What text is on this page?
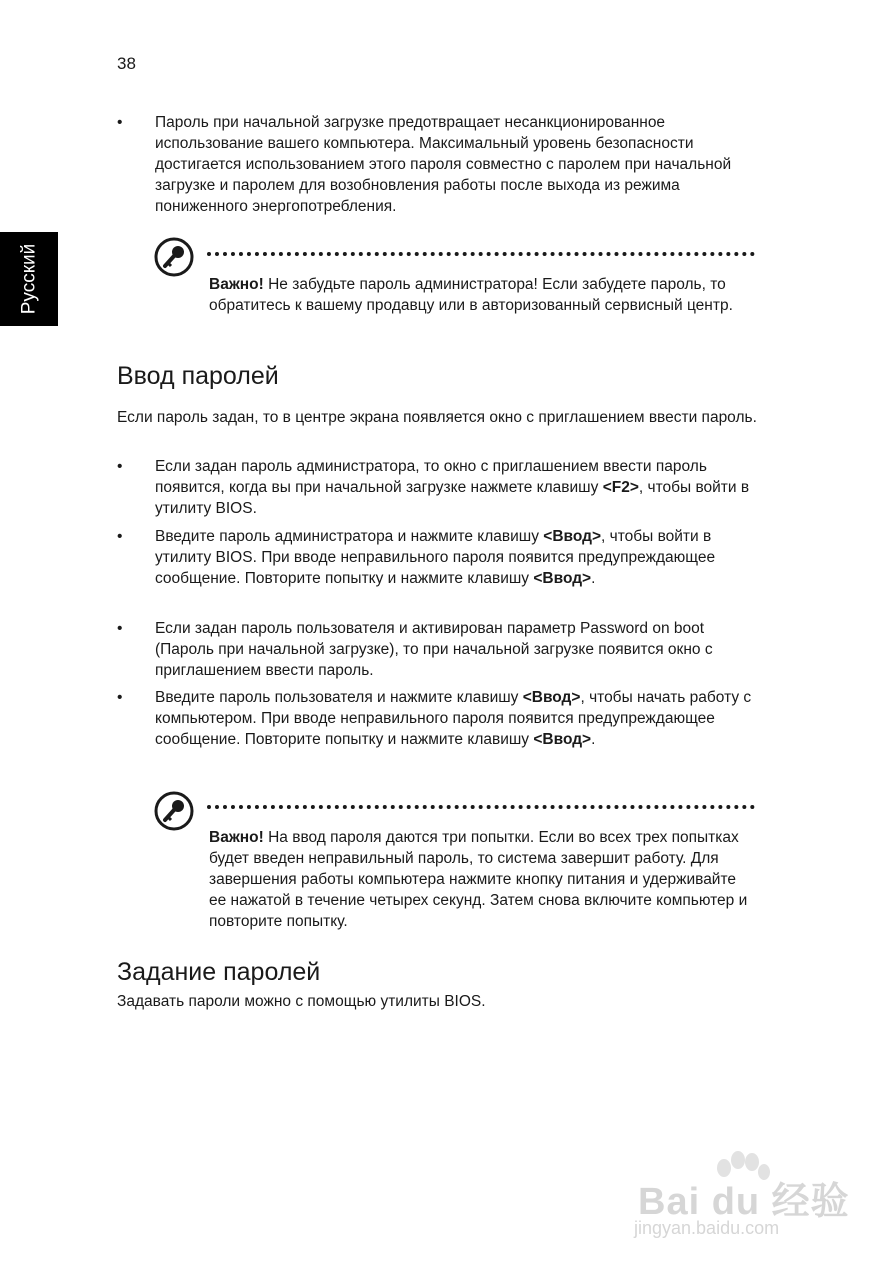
38
Русский
• Пароль при начальной загрузке предотвращает несанкционированное использование вашего компьютера. Максимальный уровень безопасности достигается использованием этого пароля совместно с паролем при начальной загрузке и паролем для возобновления работы после выхода из режима пониженного энергопотребления.
Важно! Не забудьте пароль администратора! Если забудете пароль, то обратитесь к вашему продавцу или в авторизованный сервисный центр.
Ввод паролей
Если пароль задан, то в центре экрана появляется окно с приглашением ввести пароль.
• Если задан пароль администратора, то окно с приглашением ввести пароль появится, когда вы при начальной загрузке нажмете клавишу <F2>, чтобы войти в утилиту BIOS.
• Введите пароль администратора и нажмите клавишу <Ввод>, чтобы войти в утилиту BIOS. При вводе неправильного пароля появится предупреждающее сообщение. Повторите попытку и нажмите клавишу <Ввод>.
• Если задан пароль пользователя и активирован параметр Password on boot (Пароль при начальной загрузке), то при начальной загрузке появится окно с приглашением ввести пароль.
• Введите пароль пользователя и нажмите клавишу <Ввод>, чтобы начать работу с компьютером. При вводе неправильного пароля появится предупреждающее сообщение. Повторите попытку и нажмите клавишу <Ввод>.
Важно! На ввод пароля даются три попытки. Если во всех трех попытках будет введен неправильный пароль, то система завершит работу. Для завершения работы компьютера нажмите кнопку питания и удерживайте ее нажатой в течение четырех секунд. Затем снова включите компьютер и повторите попытку.
Задание паролей
Задавать пароли можно с помощью утилиты BIOS.
Bai du 经验
jingyan.baidu.com
